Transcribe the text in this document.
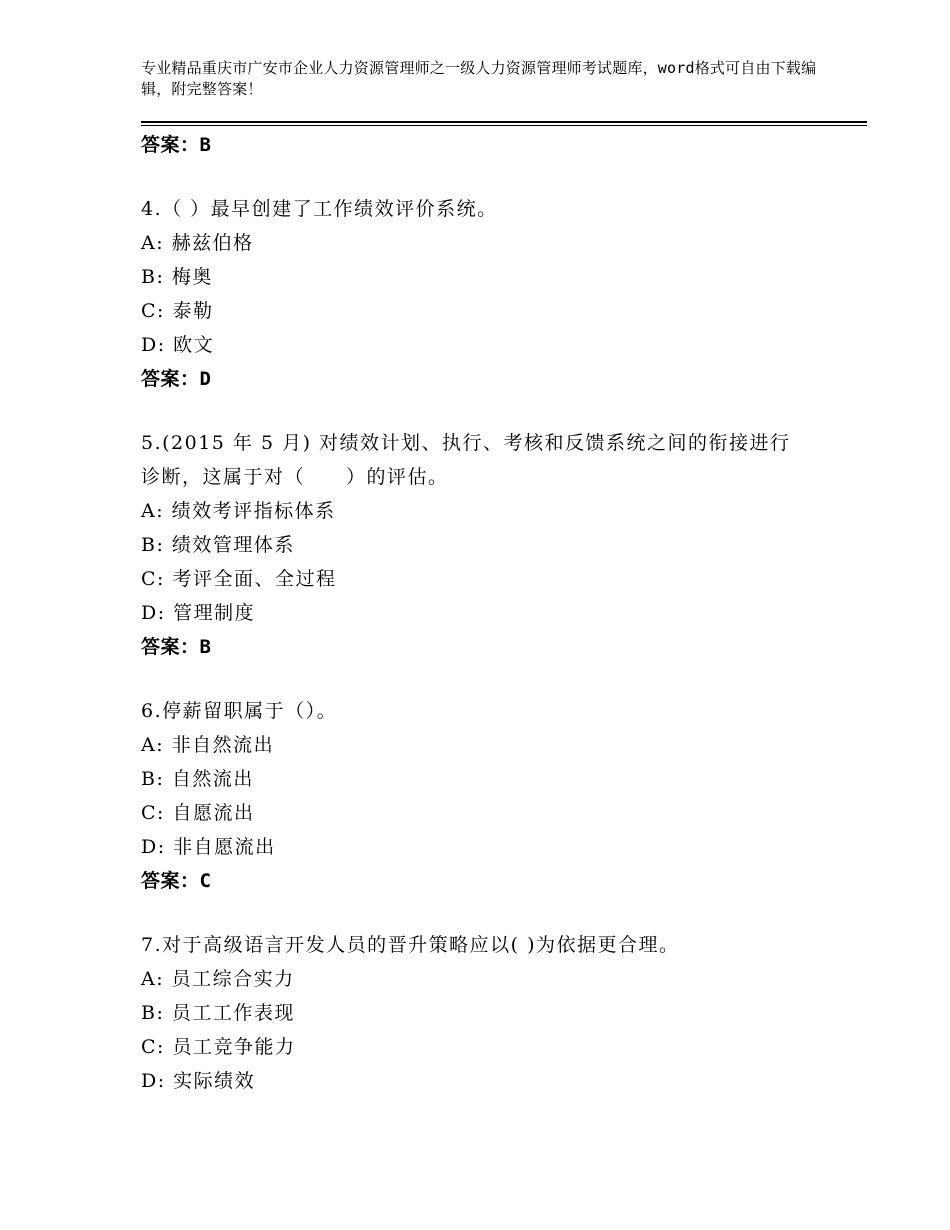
专业精品重庆市广安市企业人力资源管理师之一级人力资源管理师考试题库，word格式可自由下载编辑，附完整答案！
答案：B
4.（ ）最早创建了工作绩效评价系统。
A: 赫兹伯格
B: 梅奥
C: 泰勒
D: 欧文
答案：D
5.(2015 年 5 月) 对绩效计划、执行、考核和反馈系统之间的衔接进行
诊断，这属于对（　　）的评估。
A: 绩效考评指标体系
B: 绩效管理体系
C: 考评全面、全过程
D: 管理制度
答案：B
6.停薪留职属于（）。
A: 非自然流出
B: 自然流出
C: 自愿流出
D: 非自愿流出
答案：C
7.对于高级语言开发人员的晋升策略应以( )为依据更合理。
A: 员工综合实力
B: 员工工作表现
C: 员工竞争能力
D: 实际绩效
